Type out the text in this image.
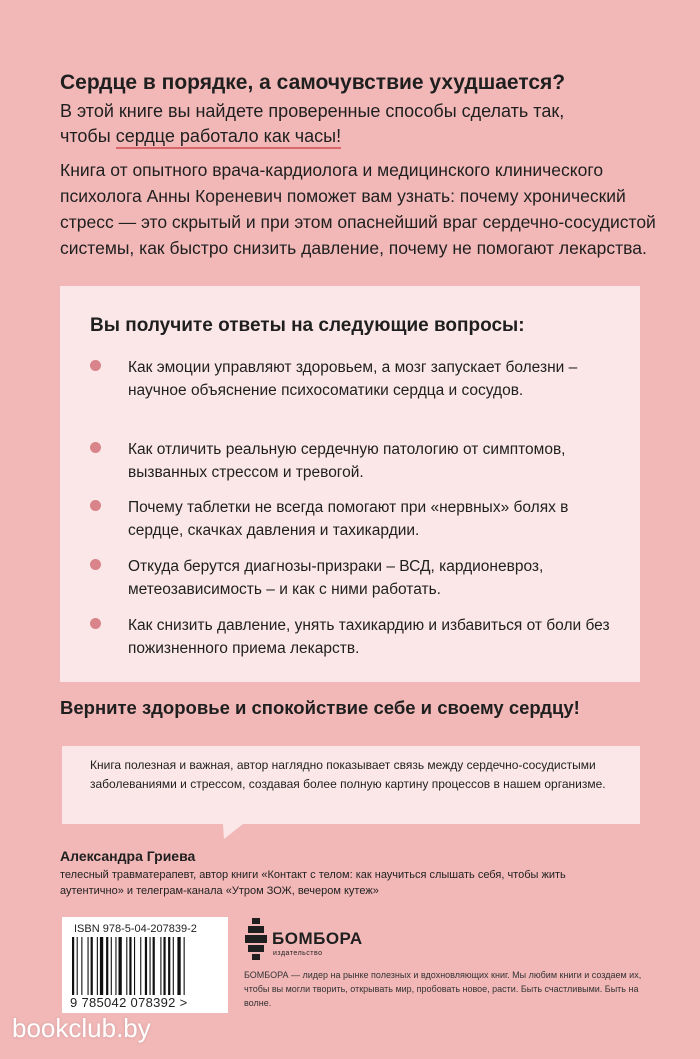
Сердце в порядке, а самочувствие ухудшается?
В этой книге вы найдете проверенные способы сделать так,
чтобы сердце работало как часы!
Книга от опытного врача-кардиолога и медицинского клинического психолога Анны Кореневич поможет вам узнать: почему хронический стресс — это скрытый и при этом опаснейший враг сердечно-сосудистой системы, как быстро снизить давление, почему не помогают лекарства.
Вы получите ответы на следующие вопросы:
Как эмоции управляют здоровьем, а мозг запускает болезни – научное объяснение психосоматики сердца и сосудов.
Как отличить реальную сердечную патологию от симптомов, вызванных стрессом и тревогой.
Почему таблетки не всегда помогают при «нервных» болях в сердце, скачках давления и тахикардии.
Откуда берутся диагнозы-призраки – ВСД, кардионевроз, метеозависимость – и как с ними работать.
Как снизить давление, унять тахикардию и избавиться от боли без пожизненного приема лекарств.
Верните здоровье и спокойствие себе и своему сердцу!
Книга полезная и важная, автор наглядно показывает связь между сердечно-сосудистыми заболеваниями и стрессом, создавая более полную картину процессов в нашем организме.
Александра Гриева
телесный травматерапевт, автор книги «Контакт с телом: как научиться слышать себя, чтобы жить аутентично» и телеграм-канала «Утром ЗОЖ, вечером кутеж»
ISBN 978-5-04-207839-2
9 785042 078392 >
БОМБОРА
издательство
БОМБОРА — лидер на рынке полезных и вдохновляющих книг. Мы любим книги и создаем их, чтобы вы могли творить, открывать мир, пробовать новое, расти. Быть счастливыми. Быть на волне.
bookclub.by
